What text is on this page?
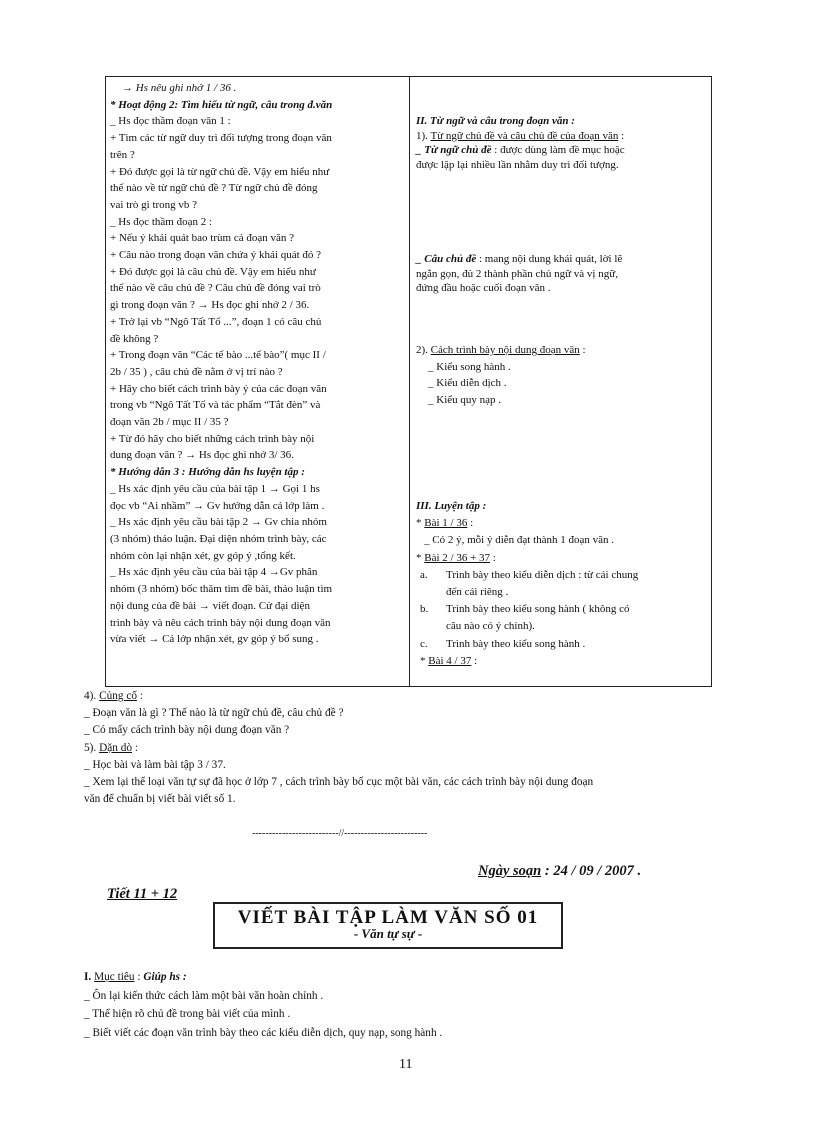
→ Hs nêu ghi nhớ 1 / 36 .
* Hoạt động 2: Tìm hiểu từ ngữ, câu trong đ.văn
_ Hs đọc thầm đoạn văn 1 :
+ Tìm các từ ngữ duy trì đối tượng trong đoạn văn
trên ?
+ Đó được gọi là từ ngữ chủ đề. Vậy em hiểu như
thế nào về từ ngữ chủ đề ? Từ ngữ chủ đề đóng
vai trò gì trong vb ?
_ Hs đọc thầm đoạn 2 :
+ Nếu ý khái quát bao trùm cả đoạn văn ?
+ Câu nào trong đoạn văn chứa ý khái quát đó ?
+ Đó được gọi là câu chủ đề. Vậy em hiểu như
thế nào về câu chủ đề ? Câu chủ đề đóng vai trò
gì trong đoạn văn ? → Hs đọc ghi nhớ 2 / 36.
+ Trở lại vb “Ngô Tất Tố ...”, đoạn 1 có câu chủ
đề không ?
+ Trong đoạn văn “Các tế bào ...tế bào”( mục II /
2b / 35 ) , câu chủ đề nằm ở vị trí nào ?
+ Hãy cho biết cách trình bày ý của các đoạn văn
trong vb “Ngô Tất Tố và tác phẩm “Tắt đèn” và
đoạn văn 2b / mục II / 35 ?
+ Từ đó hãy cho biết những cách trình bày nội
dung đoạn văn ? → Hs đọc ghi nhớ 3/ 36.
* Hướng dẫn 3 : Hướng dẫn hs luyện tập :
_ Hs xác định yêu cầu của bài tập 1 → Gọi 1 hs
đọc vb “Ai nhầm” → Gv hướng dẫn cả lớp làm .
_ Hs xác định yêu cầu bài tập 2 → Gv chia nhóm
(3 nhóm) thảo luận. Đại diện nhóm trình bày, các
nhóm còn lại nhận xét, gv góp ý ,tổng kết.
_ Hs xác định yêu cầu của bài tập 4 →Gv phân
nhóm (3 nhóm) bốc thăm tìm đề bài, thảo luận tìm
nội dung của đề bài → viết đoạn. Cử đại diện
trình bày và nêu cách trình bày nội dung đoạn văn
vừa viết → Cả lớp nhận xét, gv góp ý bổ sung .
II. Từ ngữ và câu trong đoạn văn :
1). Từ ngữ chủ đề và câu chủ đề của đoạn văn :
_ Từ ngữ chủ đề : được dùng làm đề mục hoặc
được lặp lại nhiều lần nhằm duy trì đối tượng.
_ Câu chủ đề : mang nội dung khái quát, lời lẽ
ngắn gọn, đủ 2 thành phần chủ ngữ và vị ngữ,
đứng đầu hoặc cuối đoạn văn .
2). Cách trình bày nội dung đoạn văn :
_ Kiểu song hành .
_ Kiểu diễn dịch .
_ Kiểu quy nạp .
III. Luyện tập :
* Bài 1 / 36 :
_ Có 2 ý, mỗi ý diễn đạt thành 1 đoạn văn .
* Bài 2 / 36 + 37 :
a. Trình bày theo kiểu diễn dịch : từ cái chung
đến cái riêng .
b. Trình bày theo kiểu song hành ( không có
câu nào có ý chính).
c. Trình bày theo kiểu song hành .
* Bài 4 / 37 :
4). Củng cố :
_ Đoạn văn là gì ? Thế nào là từ ngữ chủ đề, câu chủ đề ?
_ Có mấy cách trình bày nội dung đoạn văn ?
5). Dặn dò :
_ Học bài và làm bài tập 3 / 37.
_ Xem lại thể loại văn tự sự đã học ở lớp 7 , cách trình bày bố cục một bài văn, các cách trình bày nội dung đoạn
văn để chuẩn bị viết bài viết số 1.
--------------------------//-------------------------
Ngày soạn : 24 / 09 / 2007 .
Tiết 11 + 12
VIẾT BÀI TẬP LÀM VĂN SỐ 01
- Văn tự sự -
I. Mục tiêu : Giúp hs :
_ Ôn lại kiến thức cách làm một bài văn hoàn chỉnh .
_ Thể hiện rõ chủ đề trong bài viết của mình .
_ Biết viết các đoạn văn trình bày theo các kiểu diễn dịch, quy nạp, song hành .
11
